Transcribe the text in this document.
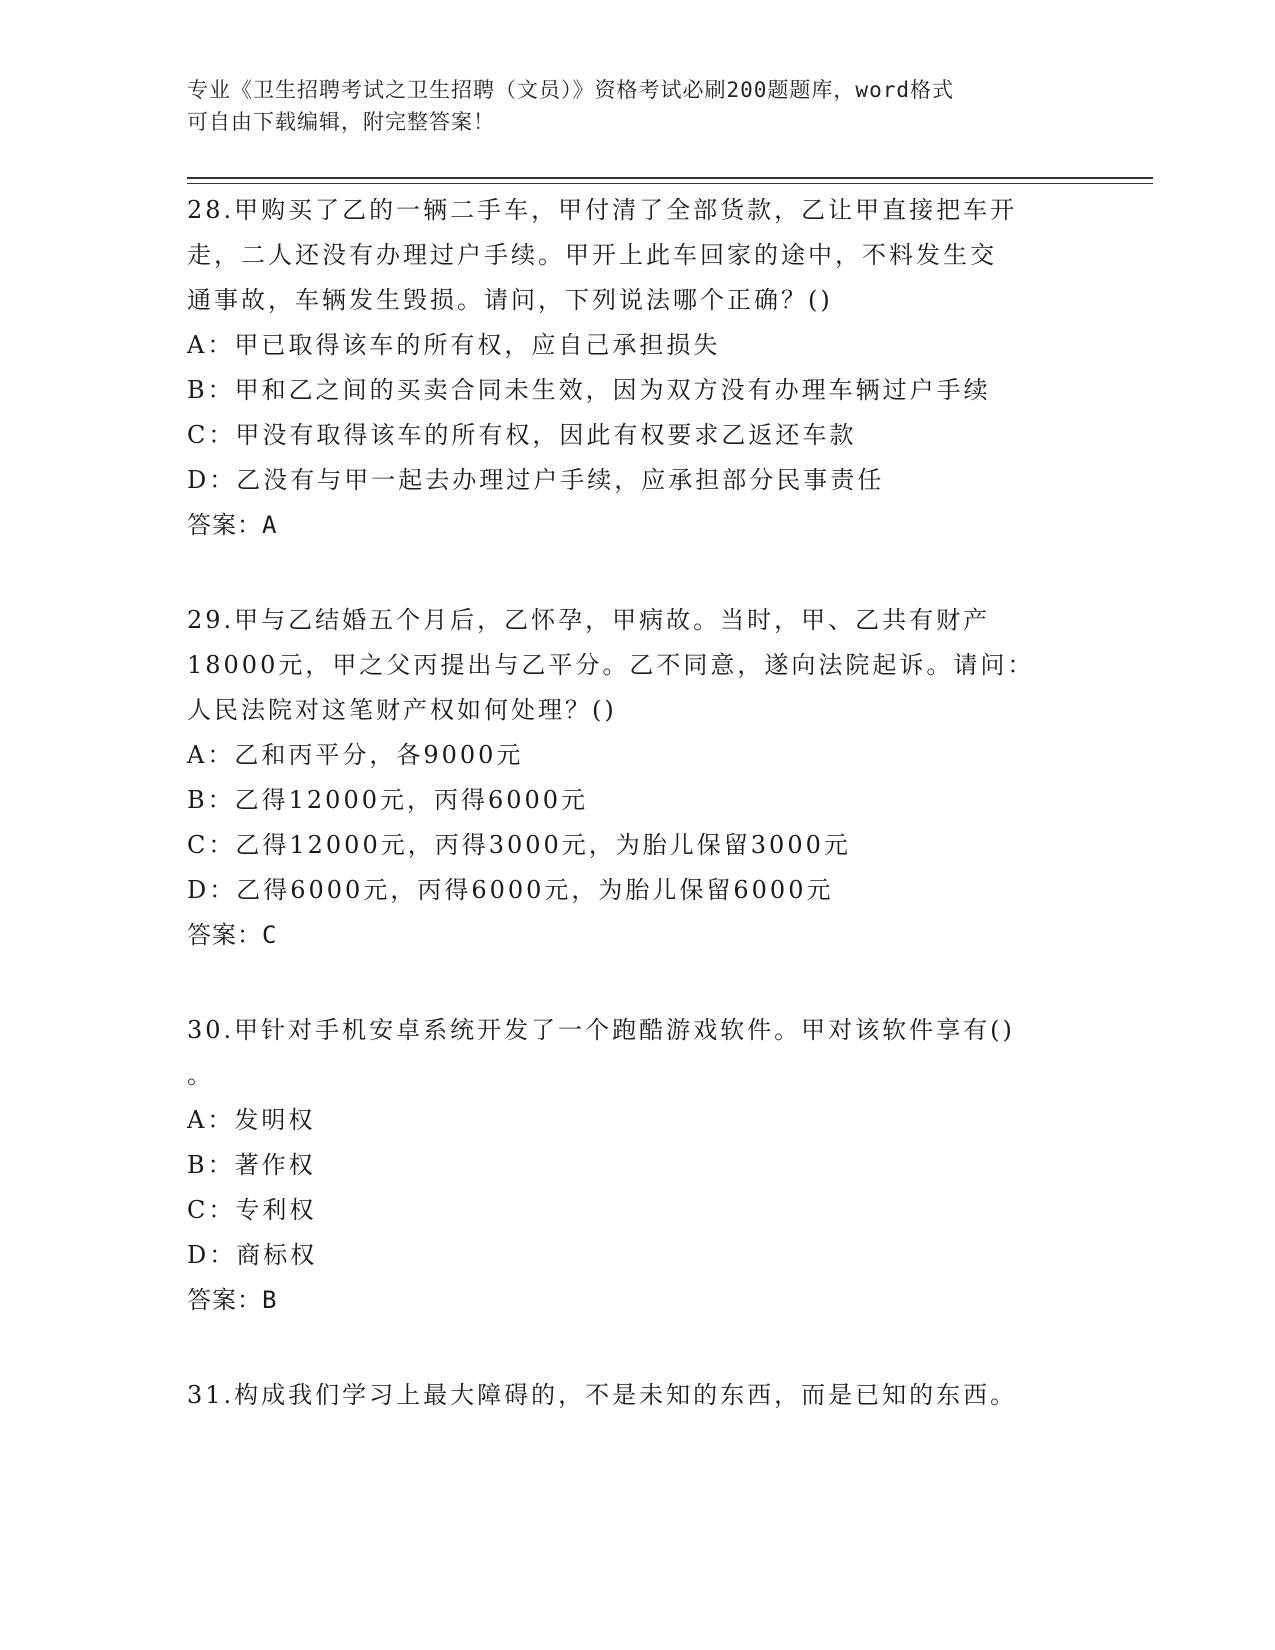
专业《卫生招聘考试之卫生招聘（文员）》资格考试必刷200题题库，word格式
可自由下载编辑，附完整答案！
28.甲购买了乙的一辆二手车，甲付清了全部货款，乙让甲直接把车开
走，二人还没有办理过户手续。甲开上此车回家的途中，不料发生交
通事故，车辆发生毁损。请问，下列说法哪个正确？()
A：甲已取得该车的所有权，应自己承担损失
B：甲和乙之间的买卖合同未生效，因为双方没有办理车辆过户手续
C：甲没有取得该车的所有权，因此有权要求乙返还车款
D：乙没有与甲一起去办理过户手续，应承担部分民事责任
答案：A
29.甲与乙结婚五个月后，乙怀孕，甲病故。当时，甲、乙共有财产
18000元，甲之父丙提出与乙平分。乙不同意，遂向法院起诉。请问：
人民法院对这笔财产权如何处理？()
A：乙和丙平分，各9000元
B：乙得12000元，丙得6000元
C：乙得12000元，丙得3000元，为胎儿保留3000元
D：乙得6000元，丙得6000元，为胎儿保留6000元
答案：C
30.甲针对手机安卓系统开发了一个跑酷游戏软件。甲对该软件享有()
。
A：发明权
B：著作权
C：专利权
D：商标权
答案：B
31.构成我们学习上最大障碍的，不是未知的东西，而是已知的东西。
